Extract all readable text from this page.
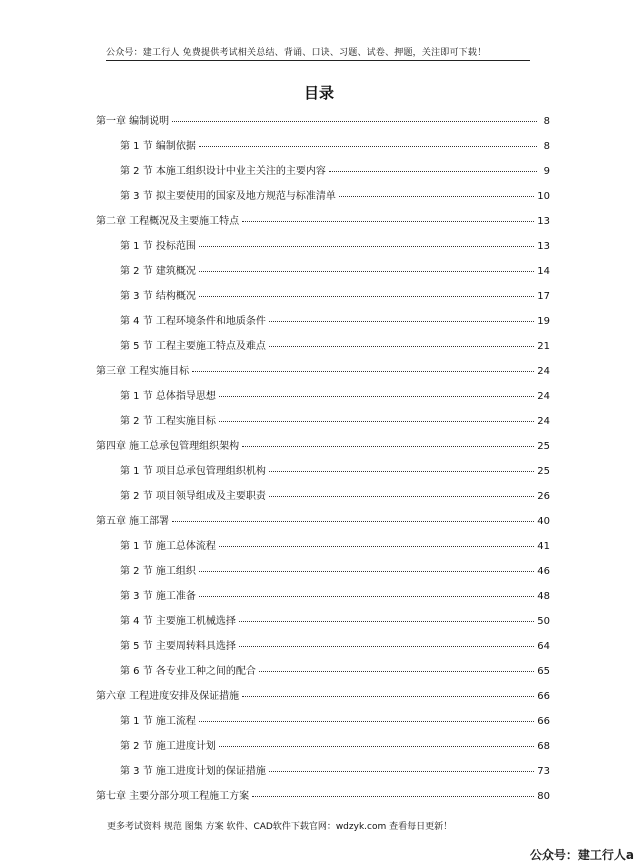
公众号：建工行人 免费提供考试相关总结、背诵、口诀、习题、试卷、押题，关注即可下载！
目录
第一章 编制说明	8
第 1 节 编制依据	8
第 2 节 本施工组织设计中业主关注的主要内容	9
第 3 节 拟主要使用的国家及地方规范与标准清单	10
第二章 工程概况及主要施工特点	13
第 1 节 投标范围	13
第 2 节 建筑概况	14
第 3 节 结构概况	17
第 4 节 工程环境条件和地质条件	19
第 5 节 工程主要施工特点及难点	21
第三章 工程实施目标	24
第 1 节 总体指导思想	24
第 2 节 工程实施目标	24
第四章 施工总承包管理组织架构	25
第 1 节 项目总承包管理组织机构	25
第 2 节 项目领导组成及主要职责	26
第五章 施工部署	40
第 1 节 施工总体流程	41
第 2 节 施工组织	46
第 3 节 施工准备	48
第 4 节 主要施工机械选择	50
第 5 节 主要周转料具选择	64
第 6 节 各专业工种之间的配合	65
第六章 工程进度安排及保证措施	66
第 1 节 施工流程	66
第 2 节 施工进度计划	68
第 3 节 施工进度计划的保证措施	73
第七章 主要分部分项工程施工方案	80
更多考试资料 规范 图集 方案 软件、CAD软件下载官网：wdzyk.com 查看每日更新！
公众号：建工行人a
